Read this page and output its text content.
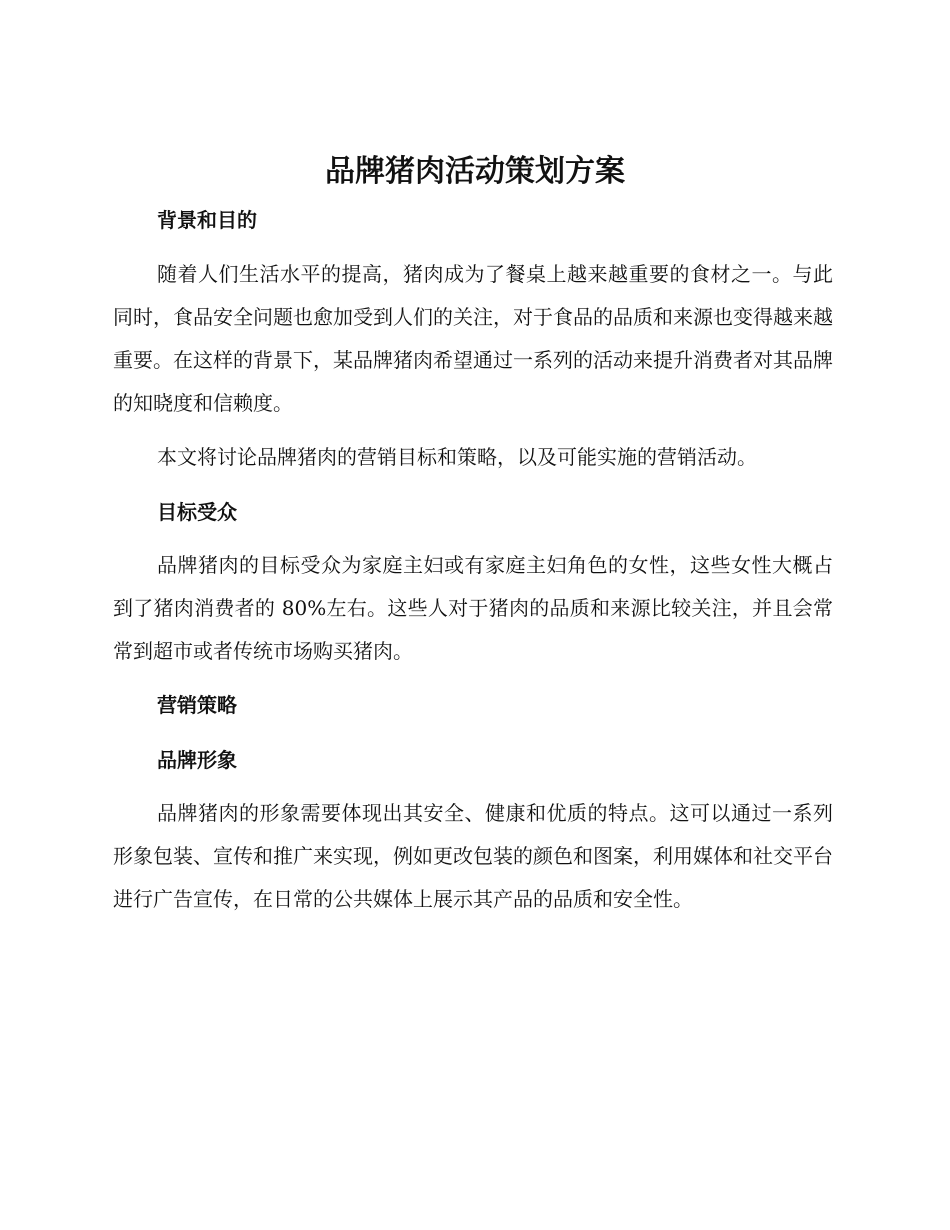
品牌猪肉活动策划方案
背景和目的

随着人们生活水平的提高，猪肉成为了餐桌上越来越重要的食材之一。与此同时，食品安全问题也愈加受到人们的关注，对于食品的品质和来源也变得越来越重要。在这样的背景下，某品牌猪肉希望通过一系列的活动来提升消费者对其品牌的知晓度和信赖度。

本文将讨论品牌猪肉的营销目标和策略，以及可能实施的营销活动。

目标受众

品牌猪肉的目标受众为家庭主妇或有家庭主妇角色的女性，这些女性大概占到了猪肉消费者的 80%左右。这些人对于猪肉的品质和来源比较关注，并且会常常到超市或者传统市场购买猪肉。

营销策略
品牌形象

品牌猪肉的形象需要体现出其安全、健康和优质的特点。这可以通过一系列形象包装、宣传和推广来实现，例如更改包装的颜色和图案，利用媒体和社交平台进行广告宣传，在日常的公共媒体上展示其产品的品质和安全性。
